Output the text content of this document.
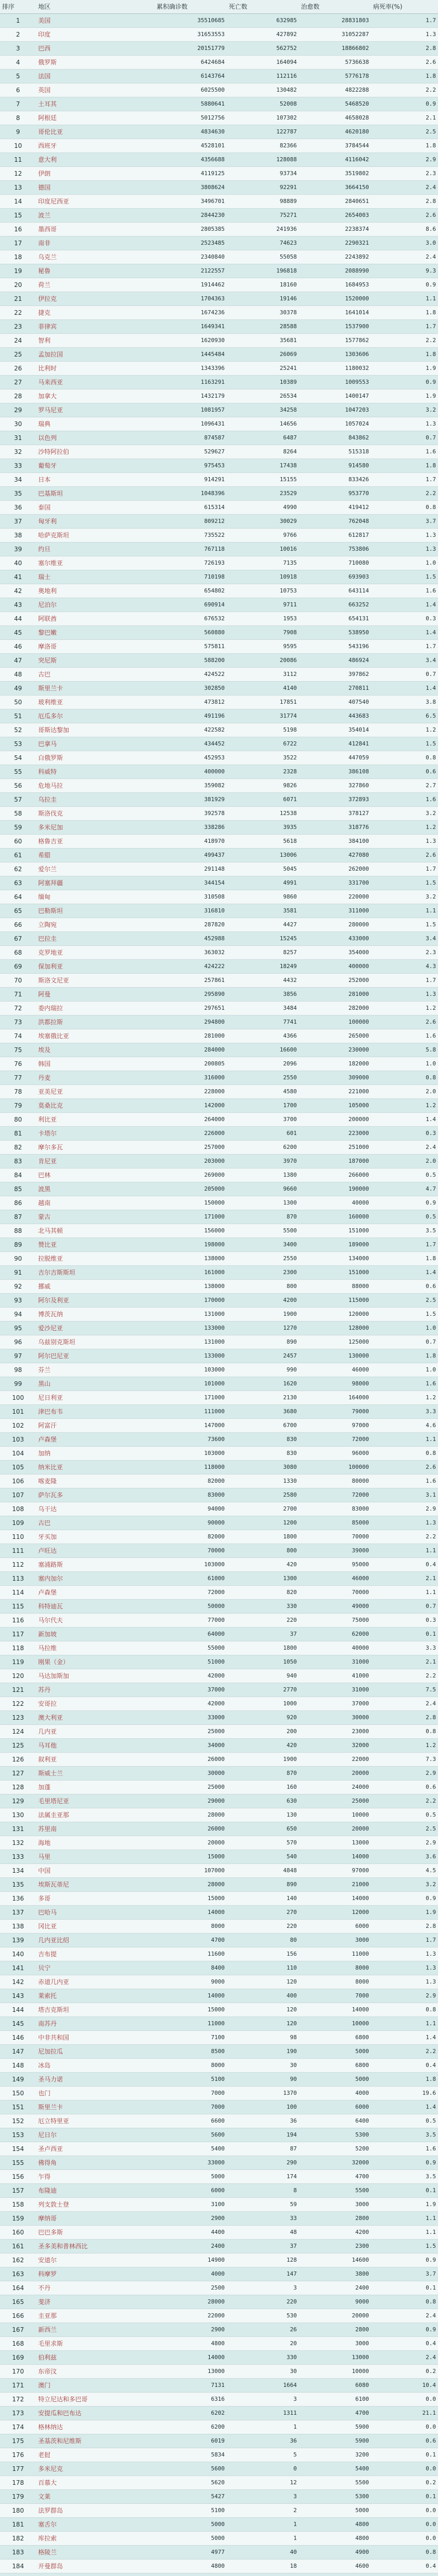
排序	地区	累积确诊数	死亡数	治愈数	病死率(%)
1	美国	35510685	632985	28831803	1.7
2	印度	31653553	427892	31052287	1.3
3	巴西	20151779	562752	18866802	2.8
4	俄罗斯	6424684	164094	5736638	2.6
5	法国	6143764	112116	5776178	1.8
6	英国	6025500	130482	4822288	2.2
7	土耳其	5880641	52008	5468520	0.9
8	阿根廷	5012756	107302	4658028	2.1
9	哥伦比亚	4834630	122787	4620180	2.5
10	西班牙	4528101	82366	3784544	1.8
11	意大利	4356688	128088	4116042	2.9
12	伊朗	4119125	93734	3519802	2.3
13	德国	3808624	92291	3664150	2.4
14	印度尼西亚	3496701	98889	2840651	2.8
15	波兰	2844230	75271	2654003	2.6
16	墨西哥	2805385	241936	2238374	8.6
17	南非	2523485	74623	2290321	3.0
18	乌克兰	2340840	55058	2243892	2.4
19	秘鲁	2122557	196818	2088990	9.3
20	荷兰	1914462	18160	1684953	0.9
21	伊拉克	1704363	19146	1520000	1.1
22	捷克	1674236	30378	1641014	1.8
23	菲律宾	1649341	28588	1537900	1.7
24	智利	1620930	35681	1577862	2.2
25	孟加拉国	1445484	26069	1303606	1.8
26	比利时	1343396	25241	1180032	1.9
27	马来西亚	1163291	10389	1009553	0.9
28	加拿大	1432179	26534	1400147	1.9
29	罗马尼亚	1081957	34258	1047203	3.2
30	瑞典	1096431	14656	1057024	1.3
31	以色列	874587	6487	843862	0.7
32	沙特阿拉伯	529627	8264	515318	1.6
33	葡萄牙	975453	17438	914580	1.8
34	日本	914291	15155	833426	1.7
35	巴基斯坦	1048396	23529	953770	2.2
36	泰国	615314	4990	419412	0.8
37	匈牙利	809212	30029	762048	3.7
38	哈萨克斯坦	735522	9766	612817	1.3
39	约旦	767118	10016	753806	1.3
40	塞尔维亚	726193	7135	710080	1.0
41	瑞士	710198	10918	693903	1.5
42	奥地利	654802	10753	643114	1.6
43	尼泊尔	690914	9711	663252	1.4
44	阿联酋	676532	1953	654131	0.3
45	黎巴嫩	560880	7908	538950	1.4
46	摩洛哥	575811	9595	543196	1.7
47	突尼斯	588200	20086	486924	3.4
48	古巴	424522	3112	397862	0.7
49	斯里兰卡	302850	4140	270811	1.4
50	玻利维亚	473812	17851	407540	3.8
51	厄瓜多尔	491196	31774	443683	6.5
52	哥斯达黎加	422582	5198	354014	1.2
53	巴拿马	434452	6722	412841	1.5
54	白俄罗斯	452953	3522	447059	0.8
55	科威特	400000	2328	386108	0.6
56	危地马拉	359082	9826	327860	2.7
57	乌拉圭	381929	6071	372893	1.6
58	斯洛伐克	392578	12538	378127	3.2
59	多米尼加	338286	3935	318776	1.2
60	格鲁吉亚	418970	5618	384100	1.3
61	希腊	499437	13006	427080	2.6
62	爱尔兰	291148	5045	262000	1.7
63	阿塞拜疆	344154	4991	331700	1.5
64	缅甸	310508	9860	220000	3.2
65	巴勒斯坦	316810	3581	311000	1.1
66	立陶宛	287820	4427	280000	1.5
67	巴拉圭	452988	15245	433000	3.4
68	克罗地亚	363032	8257	354000	2.3
69	保加利亚	424222	18249	400000	4.3
70	斯洛文尼亚	257861	4432	252000	1.7
71	阿曼	295890	3856	281000	1.3
72	委内瑞拉	297651	3484	282000	1.2
73	洪都拉斯	294800	7741	100000	2.6
74	埃塞俄比亚	281000	4366	265000	1.6
75	埃及	284000	16600	230000	5.8
76	韩国	200805	2096	182000	1.0
77	丹麦	316000	2550	309000	0.8
78	亚美尼亚	228000	4580	221000	2.0
79	莫桑比克	142000	1700	105000	1.2
80	利比亚	264000	3700	200000	1.4
81	卡塔尔	226000	601	223000	0.3
82	摩尔多瓦	257000	6200	251000	2.4
83	肯尼亚	203000	3970	187000	2.0
84	巴林	269000	1380	266000	0.5
85	波黑	205000	9660	190000	4.7
86	越南	150000	1300	40000	0.9
87	蒙古	171000	870	160000	0.5
88	北马其顿	156000	5500	151000	3.5
89	赞比亚	198000	3400	189000	1.7
90	拉脱维亚	138000	2550	134000	1.8
91	吉尔吉斯斯坦	161000	2300	151000	1.4
92	挪威	138000	800	88000	0.6
93	阿尔及利亚	170000	4200	115000	2.5
94	博茨瓦纳	131000	1900	120000	1.5
95	爱沙尼亚	133000	1270	128000	1.0
96	乌兹别克斯坦	131000	890	125000	0.7
97	阿尔巴尼亚	133000	2457	130000	1.8
98	芬兰	103000	990	46000	1.0
99	黑山	101000	1620	98000	1.6
100	尼日利亚	171000	2130	164000	1.2
101	津巴布韦	111000	3680	79000	3.3
102	阿富汗	147000	6700	97000	4.6
103	卢森堡	73600	830	72000	1.1
104	加纳	103000	830	96000	0.8
105	纳米比亚	118000	3080	100000	2.6
106	喀麦隆	82000	1330	80000	1.6
107	萨尔瓦多	83000	2580	72000	3.1
108	乌干达	94000	2700	83000	2.9
109	古巴	90000	1200	85000	1.3
110	牙买加	82000	1800	70000	2.2
111	卢旺达	70000	800	39000	1.1
112	塞浦路斯	103000	420	95000	0.4
113	塞内加尔	61000	1300	46000	2.1
114	卢森堡	72000	820	70000	1.1
115	科特迪瓦	50000	330	49000	0.7
116	马尔代夫	77000	220	75000	0.3
117	新加坡	64000	37	62000	0.1
118	马拉维	55000	1800	40000	3.3
119	刚果（金）	51000	1050	31000	2.1
120	马达加斯加	42000	940	41000	2.2
121	苏丹	37000	2770	31000	7.5
122	安哥拉	42000	1000	37000	2.4
123	澳大利亚	33000	920	30000	2.8
124	几内亚	25000	200	23000	0.8
125	马耳他	34000	420	32000	1.2
126	叙利亚	26000	1900	22000	7.3
127	斯威士兰	30000	870	20000	2.9
128	加蓬	25000	160	24000	0.6
129	毛里塔尼亚	29000	630	25000	2.2
130	法属圭亚那	28000	130	10000	0.5
131	苏里南	26000	650	20000	2.5
132	海地	20000	570	13000	2.9
133	马里	15000	540	14000	3.6
134	中国	107000	4848	97000	4.5
135	埃斯瓦蒂尼	28000	890	21000	3.2
136	多哥	15000	140	14000	0.9
137	巴哈马	14000	270	12000	1.9
138	冈比亚	8000	220	6000	2.8
139	几内亚比绍	4700	80	3000	1.7
140	吉布提	11600	156	11000	1.3
141	贝宁	8400	110	8000	1.3
142	赤道几内亚	9000	120	8000	1.3
143	莱索托	14000	400	7000	2.9
144	塔吉克斯坦	15000	120	14000	0.8
145	南苏丹	11000	120	10000	1.1
146	中非共和国	7100	98	6800	1.4
147	尼加拉瓜	8500	190	5000	2.2
148	冰岛	8000	30	6800	0.4
149	圣马力诺	5100	90	5000	1.8
150	也门	7000	1370	4000	19.6
151	斯里兰卡	7000	100	6000	1.4
152	厄立特里亚	6600	36	6400	0.5
153	尼日尔	5600	194	5300	3.5
154	圣卢西亚	5400	87	5200	1.6
155	佛得角	33000	290	32000	0.9
156	乍得	5000	174	4700	3.5
157	布隆迪	6000	8	5500	0.1
158	列支敦士登	3100	59	3000	1.9
159	摩纳哥	2900	33	2800	1.1
160	巴巴多斯	4400	48	4200	1.1
161	圣多美和普林西比	2400	37	2300	1.5
162	安道尔	14900	128	14600	0.9
163	科摩罗	4000	147	3800	3.7
164	不丹	2500	3	2400	0.1
165	斐济	28000	220	9000	0.8
166	圭亚那	22000	530	20000	2.4
167	新西兰	2900	26	2800	0.9
168	毛里求斯	4800	20	3000	0.4
169	伯利兹	14000	330	13000	2.4
170	东帝汶	13000	30	10000	0.2
171	澳门	7131	1664	6080	10.4
172	特立尼达和多巴哥	6316	3	6100	0.0
173	安提瓜和巴布达	6202	1311	4700	21.1
174	格林纳达	6200	1	5900	0.0
175	圣基茨和尼维斯	6019	36	5900	0.6
176	老挝	5834	5	3200	0.1
177	多米尼克	5600	0	5400	0.0
178	百慕大	5620	12	5500	0.2
179	文莱	5427	3	5300	0.1
180	法罗群岛	5100	2	5000	0.0
181	塞舌尔	5000	1	4800	0.0
182	库拉索	5000	1	4800	0.0
183	格陵兰	4977	40	4900	0.8
184	开曼群岛	4800	18	4600	0.4
